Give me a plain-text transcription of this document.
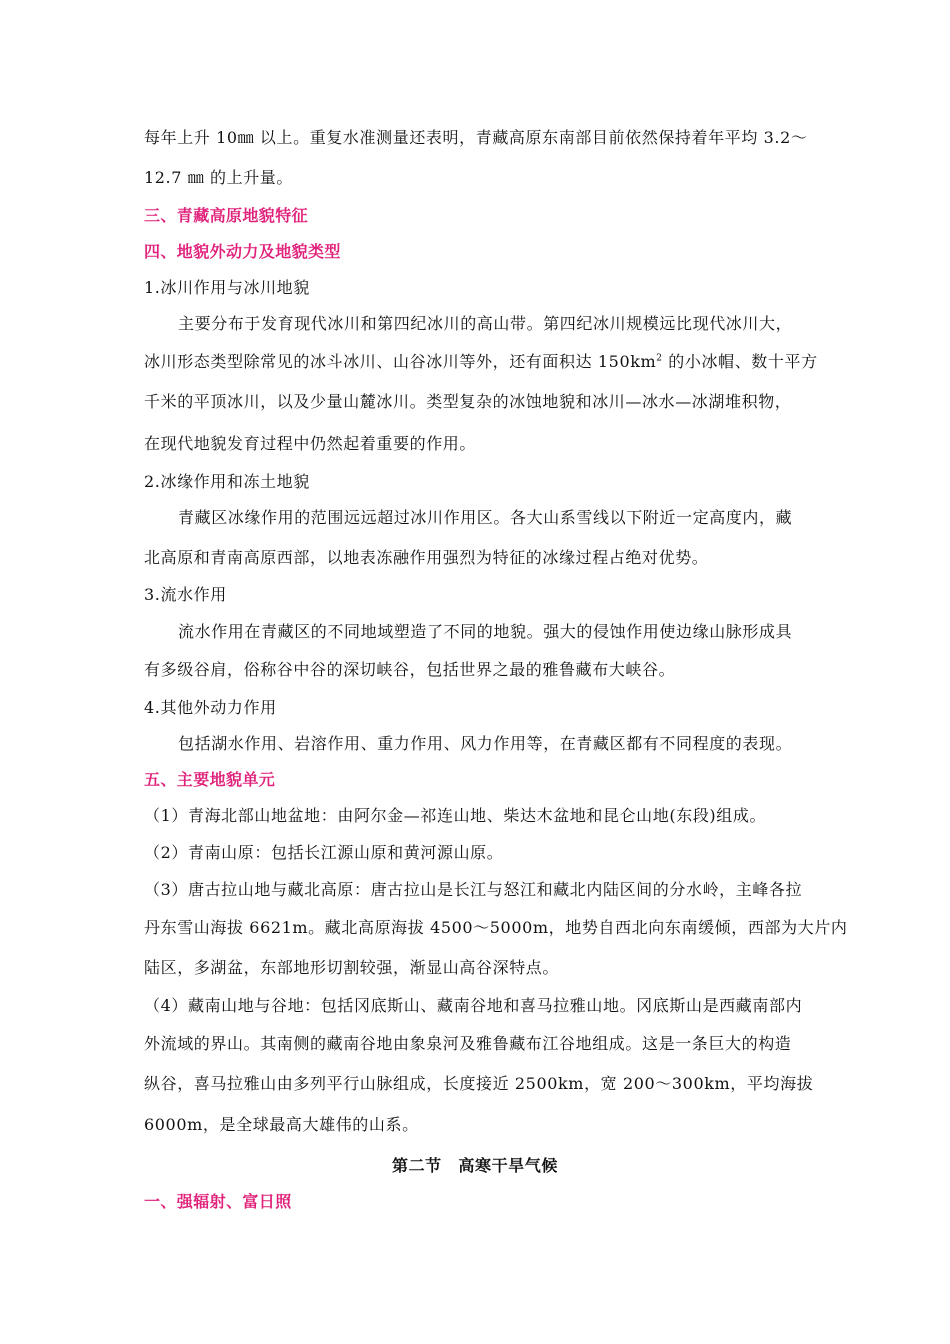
每年上升 10㎜ 以上。重复水准测量还表明，青藏高原东南部目前依然保持着年平均 3.2～
12.7 ㎜ 的上升量。
三、青藏高原地貌特征
四、地貌外动力及地貌类型
1.冰川作用与冰川地貌
主要分布于发育现代冰川和第四纪冰川的高山带。第四纪冰川规模远比现代冰川大，
冰川形态类型除常见的冰斗冰川、山谷冰川等外，还有面积达 $150km^2$ 的小冰帽、数十平方
千米的平顶冰川，以及少量山麓冰川。类型复杂的冰蚀地貌和冰川—冰水—冰湖堆积物，
在现代地貌发育过程中仍然起着重要的作用。
2.冰缘作用和冻土地貌
青藏区冰缘作用的范围远远超过冰川作用区。各大山系雪线以下附近一定高度内，藏
北高原和青南高原西部，以地表冻融作用强烈为特征的冰缘过程占绝对优势。
3.流水作用
流水作用在青藏区的不同地域塑造了不同的地貌。强大的侵蚀作用使边缘山脉形成具
有多级谷肩，俗称谷中谷的深切峡谷，包括世界之最的雅鲁藏布大峡谷。
4.其他外动力作用
包括湖水作用、岩溶作用、重力作用、风力作用等，在青藏区都有不同程度的表现。
五、主要地貌单元
（1）青海北部山地盆地：由阿尔金—祁连山地、柴达木盆地和昆仑山地(东段)组成。
（2）青南山原：包括长江源山原和黄河源山原。
（3）唐古拉山地与藏北高原：唐古拉山是长江与怒江和藏北内陆区间的分水岭，主峰各拉
丹东雪山海拔 6621m。藏北高原海拔 4500～5000m，地势自西北向东南缓倾，西部为大片内
陆区，多湖盆，东部地形切割较强，渐显山高谷深特点。
（4）藏南山地与谷地：包括冈底斯山、藏南谷地和喜马拉雅山地。冈底斯山是西藏南部内
外流域的界山。其南侧的藏南谷地由象泉河及雅鲁藏布江谷地组成。这是一条巨大的构造
纵谷，喜马拉雅山由多列平行山脉组成，长度接近 2500km，宽 200～300km，平均海拔
6000m，是全球最高大雄伟的山系。
第二节　高寒干旱气候
一、强辐射、富日照
